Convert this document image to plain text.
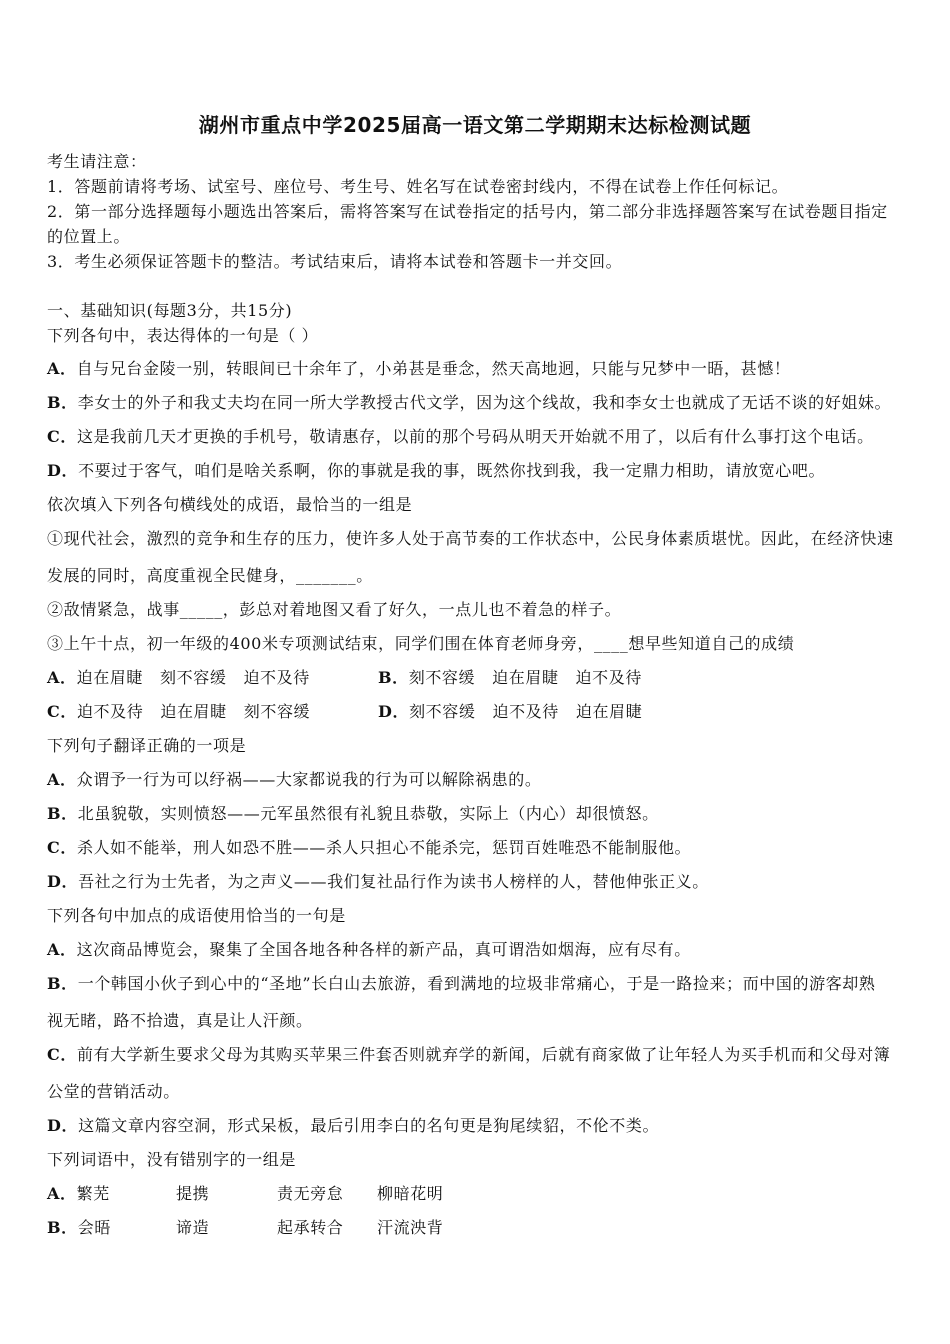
湖州市重点中学2025届高一语文第二学期期末达标检测试题
考生请注意：
1．答题前请将考场、试室号、座位号、考生号、姓名写在试卷密封线内，不得在试卷上作任何标记。
2．第一部分选择题每小题选出答案后，需将答案写在试卷指定的括号内，第二部分非选择题答案写在试卷题目指定
的位置上。
3．考生必须保证答题卡的整洁。考试结束后，请将本试卷和答题卡一并交回。
一、基础知识(每题3分，共15分)
下列各句中，表达得体的一句是（ ）
A．自与兄台金陵一别，转眼间已十余年了，小弟甚是垂念，然天高地迥，只能与兄梦中一晤，甚憾！
B．李女士的外子和我丈夫均在同一所大学教授古代文学，因为这个线故，我和李女士也就成了无话不谈的好姐妹。
C．这是我前几天才更换的手机号，敬请惠存，以前的那个号码从明天开始就不用了，以后有什么事打这个电话。
D．不要过于客气，咱们是啥关系啊，你的事就是我的事，既然你找到我，我一定鼎力相助，请放宽心吧。
依次填入下列各句横线处的成语，最恰当的一组是
①现代社会，激烈的竞争和生存的压力，使许多人处于高节奏的工作状态中，公民身体素质堪忧。因此，在经济快速
发展的同时，高度重视全民健身，_______。
②敌情紧急，战事_____，彭总对着地图又看了好久，一点儿也不着急的样子。
③上午十点，初一年级的400米专项测试结束，同学们围在体育老师身旁，____想早些知道自己的成绩
A．迫在眉睫 刻不容缓 迫不及待	B．刻不容缓 迫在眉睫 迫不及待
C．迫不及待 迫在眉睫 刻不容缓	D．刻不容缓 迫不及待 迫在眉睫
下列句子翻译正确的一项是
A．众谓予一行为可以纾祸——大家都说我的行为可以解除祸患的。
B．北虽貌敬，实则愤怒——元军虽然很有礼貌且恭敬，实际上（内心）却很愤怒。
C．杀人如不能举，刑人如恐不胜——杀人只担心不能杀完，惩罚百姓唯恐不能制服他。
D．吾社之行为士先者，为之声义——我们复社品行作为读书人榜样的人，替他伸张正义。
下列各句中加点的成语使用恰当的一句是
A．这次商品博览会，聚集了全国各地各种各样的新产品，真可谓浩如烟海，应有尽有。
B．一个韩国小伙子到心中的“圣地”长白山去旅游，看到满地的垃圾非常痛心，于是一路捡来；而中国的游客却熟
视无睹，路不拾遗，真是让人汗颜。
C．前有大学新生要求父母为其购买苹果三件套否则就弃学的新闻，后就有商家做了让年轻人为买手机而和父母对簿
公堂的营销活动。
D．这篇文章内容空洞，形式呆板，最后引用李白的名句更是狗尾续貂，不伦不类。
下列词语中，没有错别字的一组是
A．繁芜	提携	责无旁怠	柳暗花明
B．会晤	谛造	起承转合	汗流泱背
